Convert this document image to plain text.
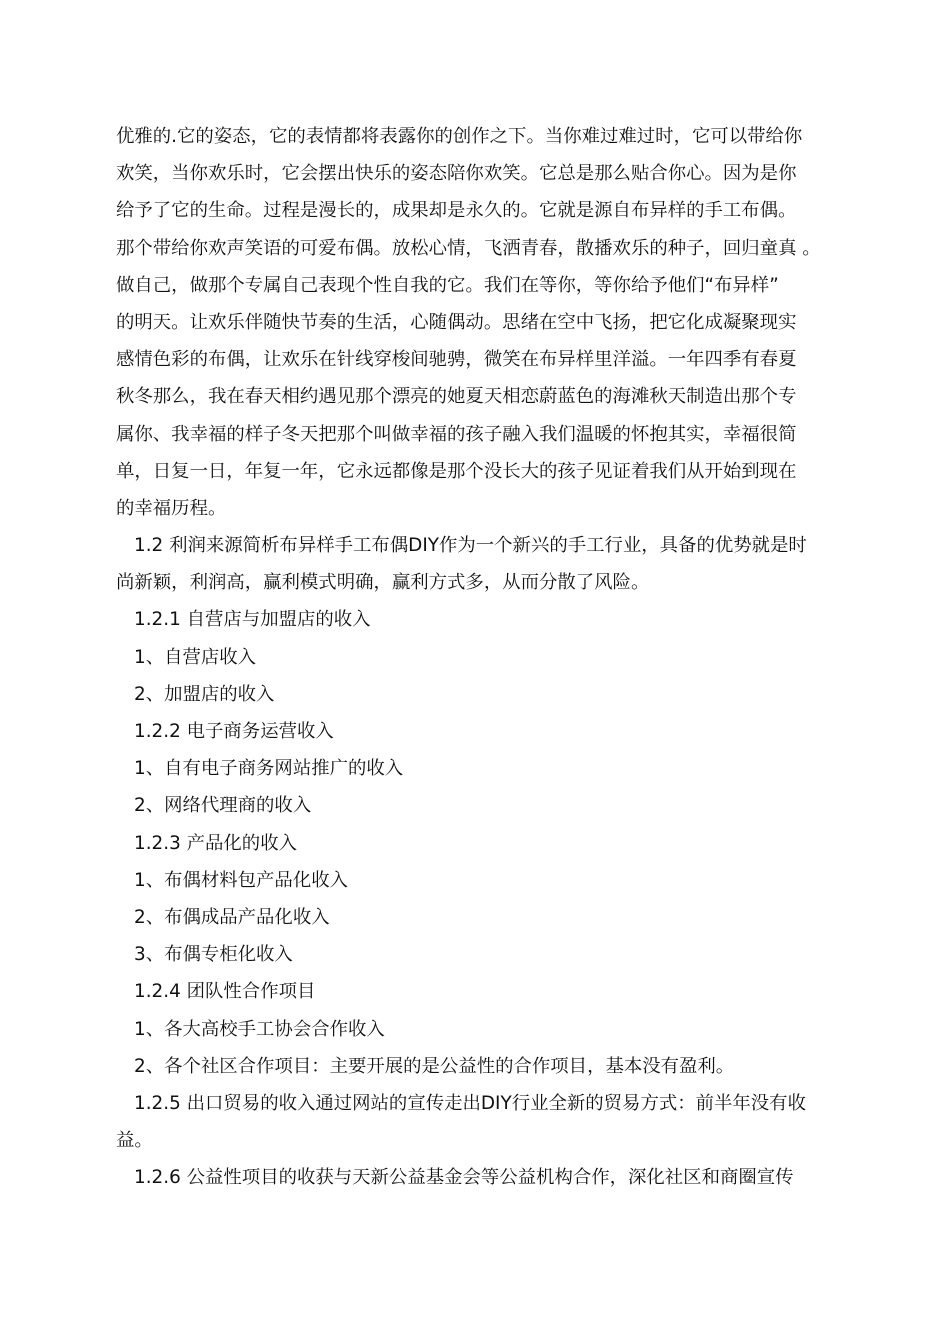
优雅的.它的姿态，它的表情都将表露你的创作之下。当你难过难过时，它可以带给你
欢笑，当你欢乐时，它会摆出快乐的姿态陪你欢笑。它总是那么贴合你心。因为是你
给予了它的生命。过程是漫长的，成果却是永久的。它就是源自布异样的手工布偶。
那个带给你欢声笑语的可爱布偶。放松心情，飞洒青春，散播欢乐的种子，回归童真 。
做自己，做那个专属自己表现个性自我的它。我们在等你，等你给予他们“布异样”
的明天。让欢乐伴随快节奏的生活，心随偶动。思绪在空中飞扬，把它化成凝聚现实
感情色彩的布偶，让欢乐在针线穿梭间驰骋，微笑在布异样里洋溢。一年四季有春夏
秋冬那么，我在春天相约遇见那个漂亮的她夏天相恋蔚蓝色的海滩秋天制造出那个专
属你、我幸福的样子冬天把那个叫做幸福的孩子融入我们温暖的怀抱其实，幸福很简
单，日复一日，年复一年，它永远都像是那个没长大的孩子见证着我们从开始到现在
的幸福历程。
1.2 利润来源简析布异样手工布偶DIY作为一个新兴的手工行业，具备的优势就是时
尚新颖，利润高，赢利模式明确，赢利方式多，从而分散了风险。
1.2.1 自营店与加盟店的收入
1、自营店收入
2、加盟店的收入
1.2.2 电子商务运营收入
1、自有电子商务网站推广的收入
2、网络代理商的收入
1.2.3 产品化的收入
1、布偶材料包产品化收入
2、布偶成品产品化收入
3、布偶专柜化收入
1.2.4 团队性合作项目
1、各大高校手工协会合作收入
2、各个社区合作项目：主要开展的是公益性的合作项目，基本没有盈利。
1.2.5 出口贸易的收入通过网站的宣传走出DIY行业全新的贸易方式：前半年没有收
益。
1.2.6 公益性项目的收获与天新公益基金会等公益机构合作，深化社区和商圈宣传
